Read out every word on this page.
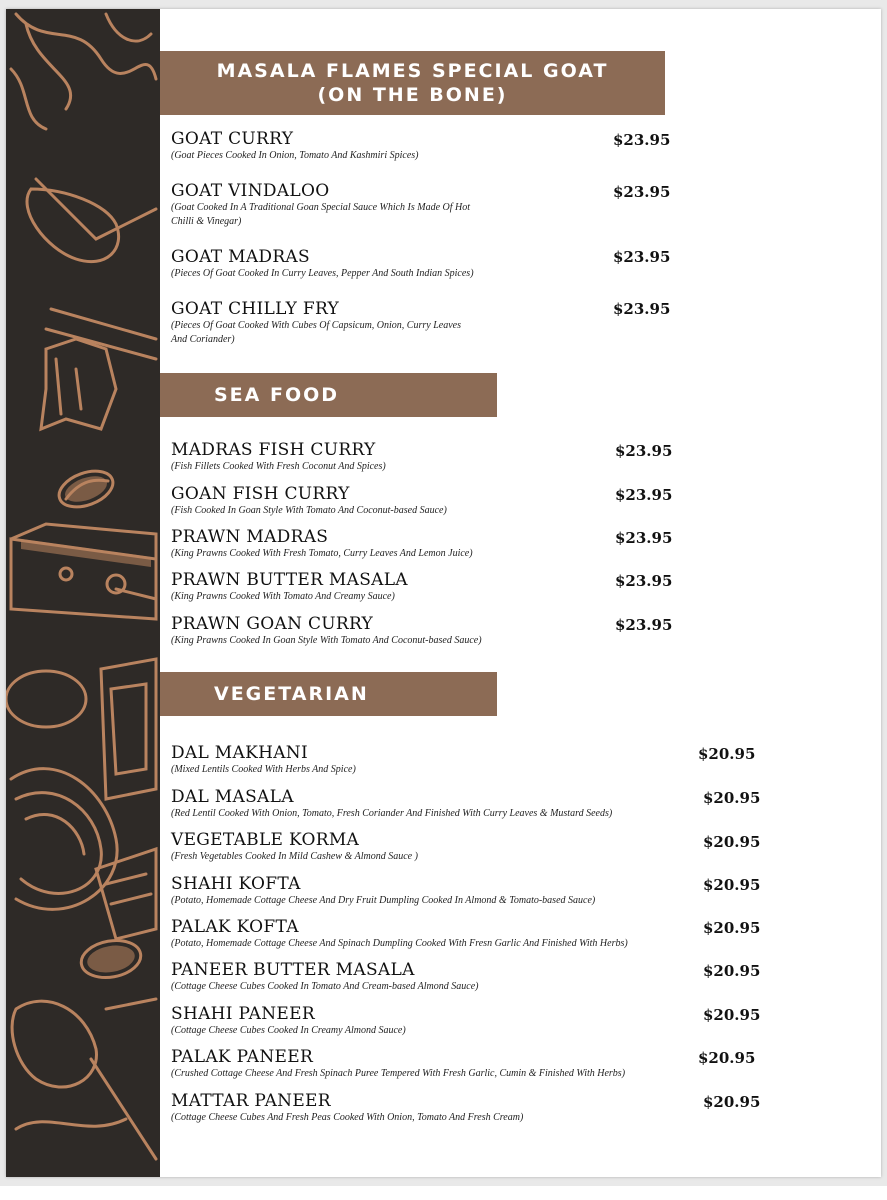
MASALA FLAMES SPECIAL GOAT
(ON THE BONE)
GOAT CURRY
(Goat Pieces Cooked In Onion, Tomato And Kashmiri Spices)
$23.95
GOAT VINDALOO
(Goat Cooked In A Traditional Goan Special Sauce Which Is Made Of Hot
Chilli & Vinegar)
$23.95
GOAT MADRAS
(Pieces Of Goat Cooked In Curry Leaves, Pepper And South Indian Spices)
$23.95
GOAT CHILLY FRY
(Pieces Of Goat Cooked With Cubes Of Capsicum, Onion, Curry Leaves
And Coriander)
$23.95
SEA FOOD
MADRAS FISH CURRY
(Fish Fillets Cooked With Fresh Coconut And Spices)
$23.95
GOAN FISH CURRY
(Fish Cooked In Goan Style With Tomato And Coconut-based Sauce)
$23.95
PRAWN MADRAS
(King Prawns Cooked With Fresh Tomato, Curry Leaves And Lemon Juice)
$23.95
PRAWN BUTTER MASALA
(King Prawns Cooked With Tomato And Creamy Sauce)
$23.95
PRAWN GOAN CURRY
(King Prawns Cooked In Goan Style With Tomato And Coconut-based Sauce)
$23.95
VEGETARIAN
DAL MAKHANI
(Mixed Lentils Cooked With Herbs And Spice)
$20.95
DAL MASALA
(Red Lentil Cooked With Onion, Tomato, Fresh Coriander And Finished With Curry Leaves & Mustard Seeds)
$20.95
VEGETABLE KORMA
(Fresh Vegetables Cooked In Mild Cashew & Almond Sauce )
$20.95
SHAHI KOFTA
(Potato, Homemade Cottage Cheese And Dry Fruit Dumpling Cooked In Almond & Tomato-based Sauce)
$20.95
PALAK KOFTA
(Potato, Homemade Cottage Cheese And Spinach Dumpling Cooked With Fresn Garlic And Finished With Herbs)
$20.95
PANEER BUTTER MASALA
(Cottage Cheese Cubes Cooked In Tomato And Cream-based Almond Sauce)
$20.95
SHAHI PANEER
(Cottage Cheese Cubes Cooked In Creamy Almond Sauce)
$20.95
PALAK PANEER
(Crushed Cottage Cheese And Fresh Spinach Puree Tempered With Fresh Garlic, Cumin & Finished With Herbs)
$20.95
MATTAR PANEER
(Cottage Cheese Cubes And Fresh Peas Cooked With Onion, Tomato And Fresh Cream)
$20.95
